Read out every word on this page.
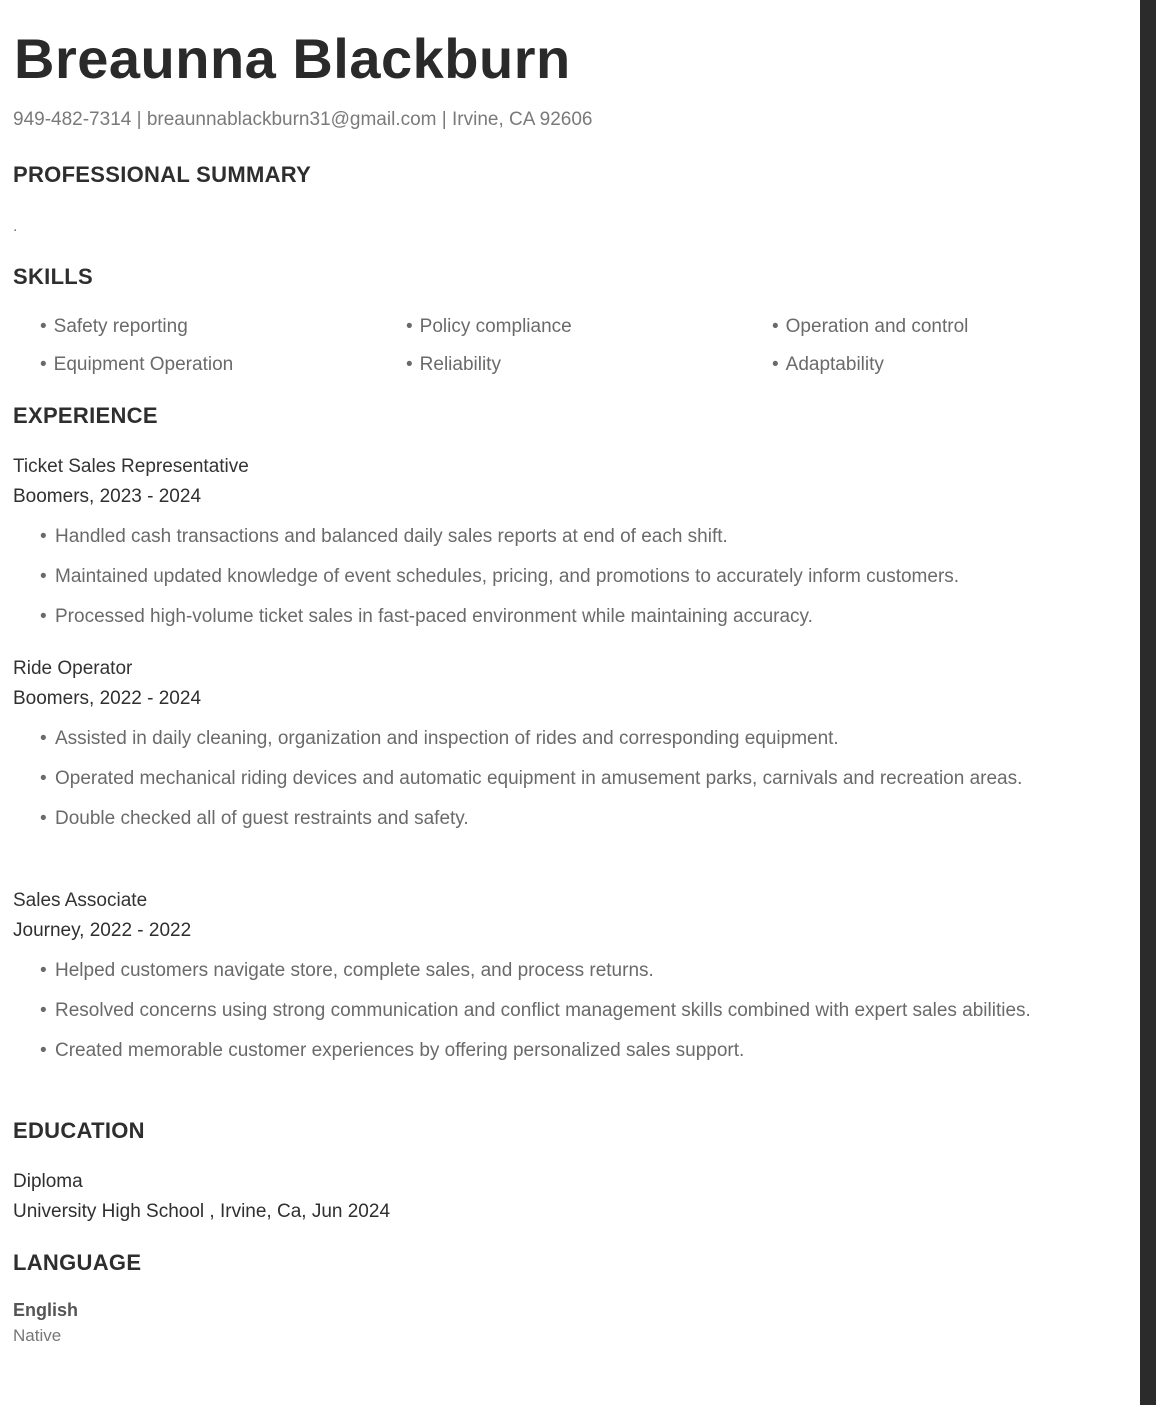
Breaunna Blackburn
949-482-7314 | breaunnablackburn31@gmail.com | Irvine, CA 92606
PROFESSIONAL SUMMARY
.
SKILLS
• Safety reporting	• Policy compliance	• Operation and control
• Equipment Operation	• Reliability	• Adaptability
EXPERIENCE
Ticket Sales Representative
Boomers, 2023 - 2024
• Handled cash transactions and balanced daily sales reports at end of each shift.
• Maintained updated knowledge of event schedules, pricing, and promotions to accurately inform customers.
• Processed high-volume ticket sales in fast-paced environment while maintaining accuracy.
Ride Operator
Boomers, 2022 - 2024
• Assisted in daily cleaning, organization and inspection of rides and corresponding equipment.
• Operated mechanical riding devices and automatic equipment in amusement parks, carnivals and recreation areas.
• Double checked all of guest restraints and safety.
Sales Associate
Journey, 2022 - 2022
• Helped customers navigate store, complete sales, and process returns.
• Resolved concerns using strong communication and conflict management skills combined with expert sales abilities.
• Created memorable customer experiences by offering personalized sales support.
EDUCATION
Diploma
University High School , Irvine, Ca, Jun 2024
LANGUAGE
English
Native
